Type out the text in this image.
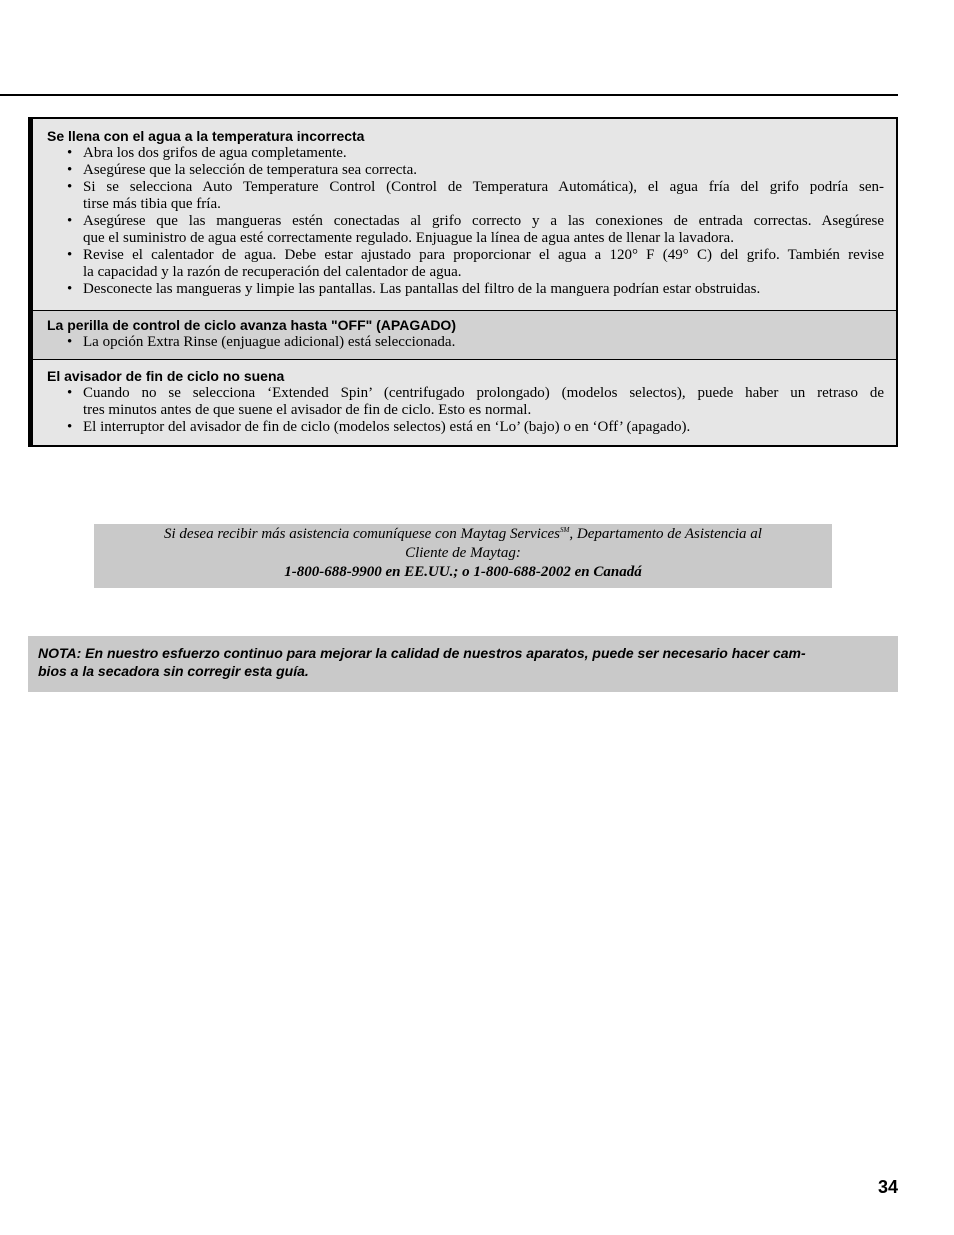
Se llena con el agua a la temperatura incorrecta

• Abra los dos grifos de agua completamente.
• Asegúrese que la selección de temperatura sea correcta.
• Si se selecciona Auto Temperature Control (Control de Temperatura Automática), el agua fría del grifo podría sen-
tirse más tibia que fría.
• Asegúrese que las mangueras estén conectadas al grifo correcto y a las conexiones de entrada correctas. Asegúrese
que el suministro de agua esté correctamente regulado. Enjuague la línea de agua antes de llenar la lavadora.
• Revise el calentador de agua. Debe estar ajustado para proporcionar el agua a 120° F (49° C) del grifo. También revise
la capacidad y la razón de recuperación del calentador de agua.
• Desconecte las mangueras y limpie las pantallas. Las pantallas del filtro de la manguera podrían estar obstruidas.

La perilla de control de ciclo avanza hasta "OFF" (APAGADO)

• La opción Extra Rinse (enjuague adicional) está seleccionada.

El avisador de fin de ciclo no suena

• Cuando no se selecciona ‘Extended Spin’ (centrifugado prolongado) (modelos selectos), puede haber un retraso de
tres minutos antes de que suene el avisador de fin de ciclo. Esto es normal.
• El interruptor del avisador de fin de ciclo (modelos selectos) está en ‘Lo’ (bajo) o en ‘Off’ (apagado).
Si desea recibir más asistencia comuníquese con Maytag Services℠, Departamento de Asistencia al
Cliente de Maytag:
1-800-688-9900 en EE.UU.; o 1-800-688-2002 en Canadá
NOTA: En nuestro esfuerzo continuo para mejorar la calidad de nuestros aparatos, puede ser necesario hacer cam-
bios a la secadora sin corregir esta guía.
34
